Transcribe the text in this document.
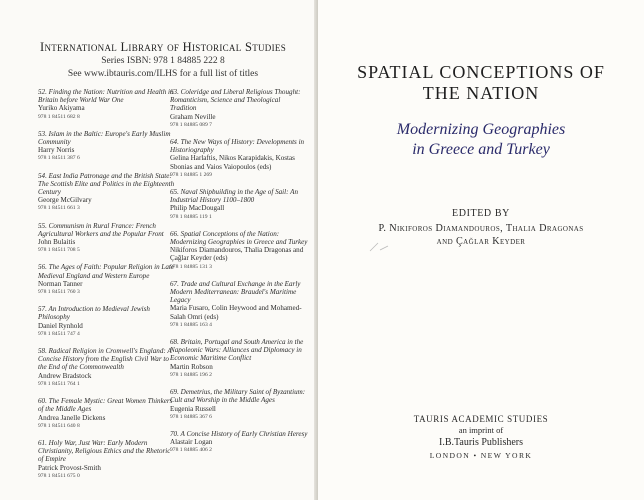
International Library of Historical Studies
Series ISBN: 978 1 84885 222 8
See www.ibtauris.com/ILHS for a full list of titles
52. Finding the Nation: Nutrition and Health in Britain before World War One
Yuriko Akiyama
978 1 84511 682 8
53. Islam in the Baltic: Europe's Early Muslim Community
Harry Norris
978 1 84511 387 6
54. East India Patronage and the British State: The Scottish Elite and Politics in the Eighteenth Century
George McGilvary
978 1 84511 661 3
55. Communism in Rural France: French Agricultural Workers and the Popular Front
John Bulaitis
978 1 84511 708 5
56. The Ages of Faith: Popular Religion in Late Medieval England and Western Europe
Norman Tanner
978 1 84511 760 3
57. An Introduction to Medieval Jewish Philosophy
Daniel Rynhold
978 1 84511 747 4
58. Radical Religion in Cromwell's England: A Concise History from the English Civil War to the End of the Commonwealth
Andrew Bradstock
978 1 84511 764 1
60. The Female Mystic: Great Women Thinkers of the Middle Ages
Andrea Janelle Dickens
978 1 84511 640 8
61. Holy War, Just War: Early Modern Christianity, Religious Ethics and the Rhetoric of Empire
Patrick Provost-Smith
978 1 84511 675 0
63. Coleridge and Liberal Religious Thought: Romanticism, Science and Theological Tradition
Graham Neville
978 1 84885 089 7
64. The New Ways of History: Developments in Historiography
Gelina Harlaftis, Nikos Karapidakis, Kostas Sbonias and Vaios Vaiopoulos (eds)
978 1 84885 1 269
65. Naval Shipbuilding in the Age of Sail: An Industrial History 1100–1800
Philip MacDougall
978 1 84885 119 1
66. Spatial Conceptions of the Nation: Modernizing Geographies in Greece and Turkey
Nikiforos Diamandouros, Thalia Dragonas and Çağlar Keyder (eds)
978 1 84885 131 3
67. Trade and Cultural Exchange in the Early Modern Mediterranean: Braudel's Maritime Legacy
Maria Fusaro, Colin Heywood and Mohamed-Salah Omri (eds)
978 1 84885 163 4
68. Britain, Portugal and South America in the Napoleonic Wars: Alliances and Diplomacy in Economic Maritime Conflict
Martin Robson
978 1 84885 196 2
69. Demetrius, the Military Saint of Byzantium: Cult and Worship in the Middle Ages
Eugenia Russell
978 1 84885 367 6
70. A Concise History of Early Christian Heresy
Alastair Logan
978 1 84885 406 2
SPATIAL CONCEPTIONS OF
THE NATION
Modernizing Geographies
in Greece and Turkey
EDITED BY
P. Nikiforos Diamandouros, Thalia Dragonas
and Çağlar Keyder
TAURIS ACADEMIC STUDIES
an imprint of
I.B.Tauris Publishers
LONDON • NEW YORK
